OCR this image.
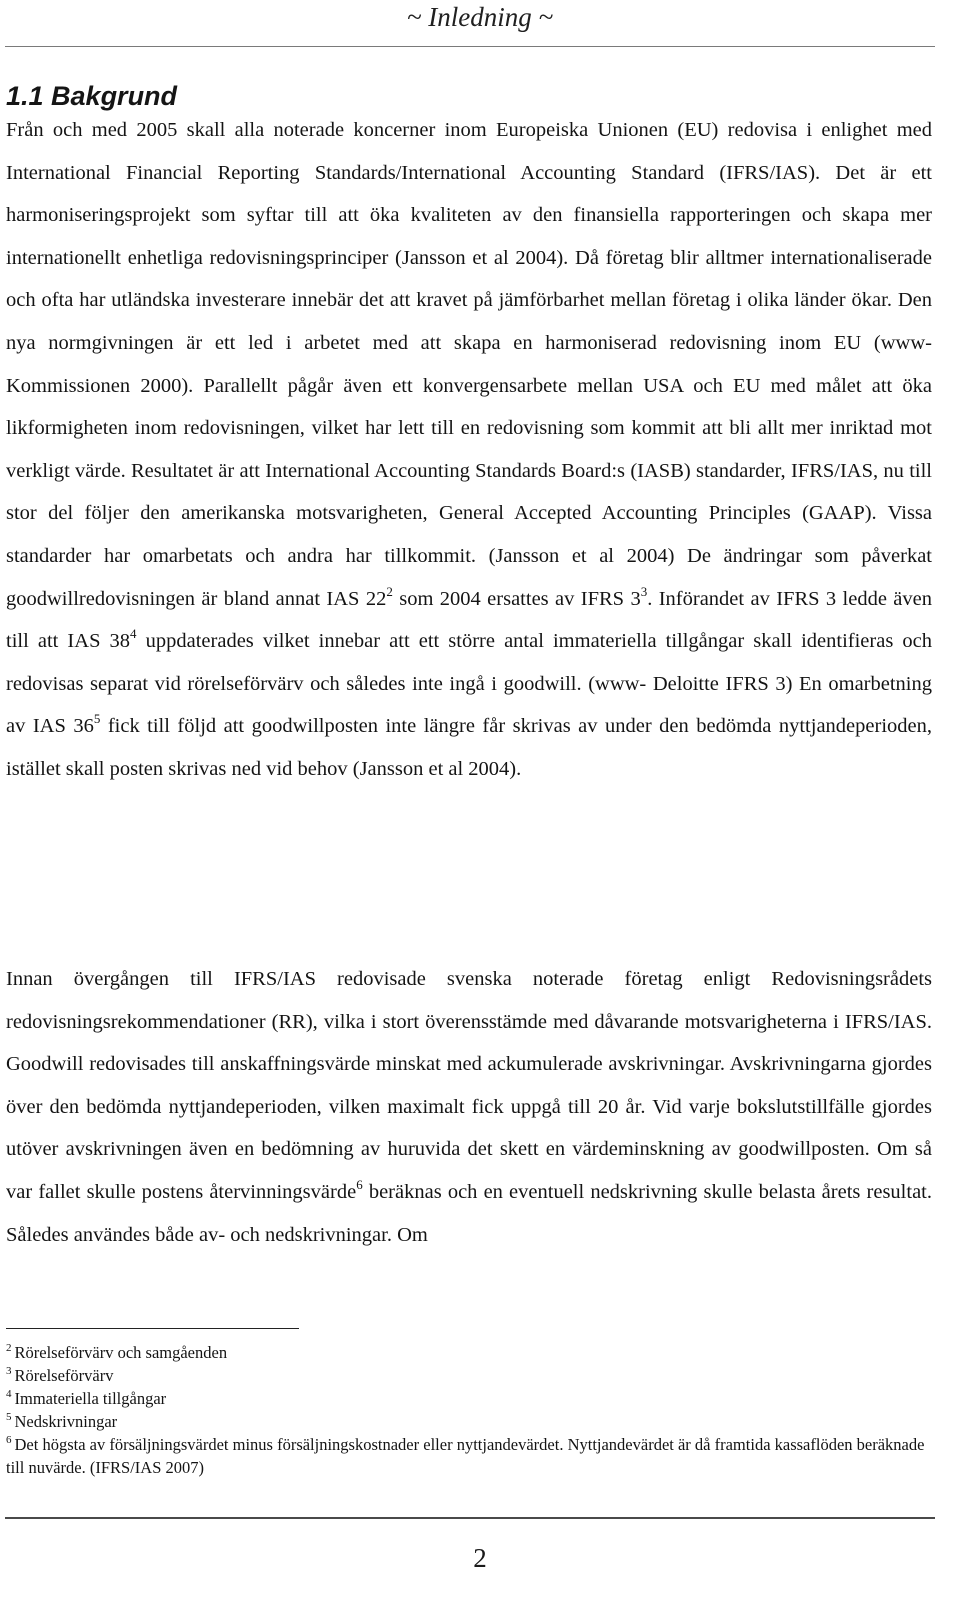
~ Inledning ~
1.1 Bakgrund

Från och med 2005 skall alla noterade koncerner inom Europeiska Unionen (EU) redovisa i enlighet med International Financial Reporting Standards/International Accounting Standard (IFRS/IAS). Det är ett harmoniseringsprojekt som syftar till att öka kvaliteten av den finansiella rapporteringen och skapa mer internationellt enhetliga redovisningsprinciper (Jansson et al 2004). Då företag blir alltmer internationaliserade och ofta har utländska investerare innebär det att kravet på jämförbarhet mellan företag i olika länder ökar. Den nya normgivningen är ett led i arbetet med att skapa en harmoniserad redovisning inom EU (www- Kommissionen 2000). Parallellt pågår även ett konvergensarbete mellan USA och EU med målet att öka likformigheten inom redovisningen, vilket har lett till en redovisning som kommit att bli allt mer inriktad mot verkligt värde. Resultatet är att International Accounting Standards Board:s (IASB) standarder, IFRS/IAS, nu till stor del följer den amerikanska motsvarigheten, General Accepted Accounting Principles (GAAP). Vissa standarder har omarbetats och andra har tillkommit. (Jansson et al 2004) De ändringar som påverkat goodwillredovisningen är bland annat IAS $22^2$ som 2004 ersattes av IFRS $3^3$. Införandet av IFRS 3 ledde även till att IAS $38^4$ uppdaterades vilket innebar att ett större antal immateriella tillgångar skall identifieras och redovisas separat vid rörelseförvärv och således inte ingå i goodwill. (www- Deloitte IFRS 3) En omarbetning av IAS $36^5$ fick till följd att goodwillposten inte längre får skrivas av under den bedömda nyttjandeperioden, istället skall posten skrivas ned vid behov (Jansson et al 2004).

Innan övergången till IFRS/IAS redovisade svenska noterade företag enligt Redovisningsrådets redovisningsrekommendationer (RR), vilka i stort överensstämde med dåvarande motsvarigheterna i IFRS/IAS. Goodwill redovisades till anskaffningsvärde minskat med ackumulerade avskrivningar. Avskrivningarna gjordes över den bedömda nyttjandeperioden, vilken maximalt fick uppgå till 20 år. Vid varje bokslutstillfälle gjordes utöver avskrivningen även en bedömning av huruvida det skett en värdeminskning av goodwillposten. Om så var fallet skulle postens återvinningsvärde$^6$ beräknas och en eventuell nedskrivning skulle belasta årets resultat. Således användes både av- och nedskrivningar. Om

$^2$ Rörelseförvärv och samgåenden
$^3$ Rörelseförvärv
$^4$ Immateriella tillgångar
$^5$ Nedskrivningar
$^6$ Det högsta av försäljningsvärdet minus försäljningskostnader eller nyttjandevärdet. Nyttjandevärdet är då framtida kassaflöden beräknade till nuvärde. (IFRS/IAS 2007)
2
